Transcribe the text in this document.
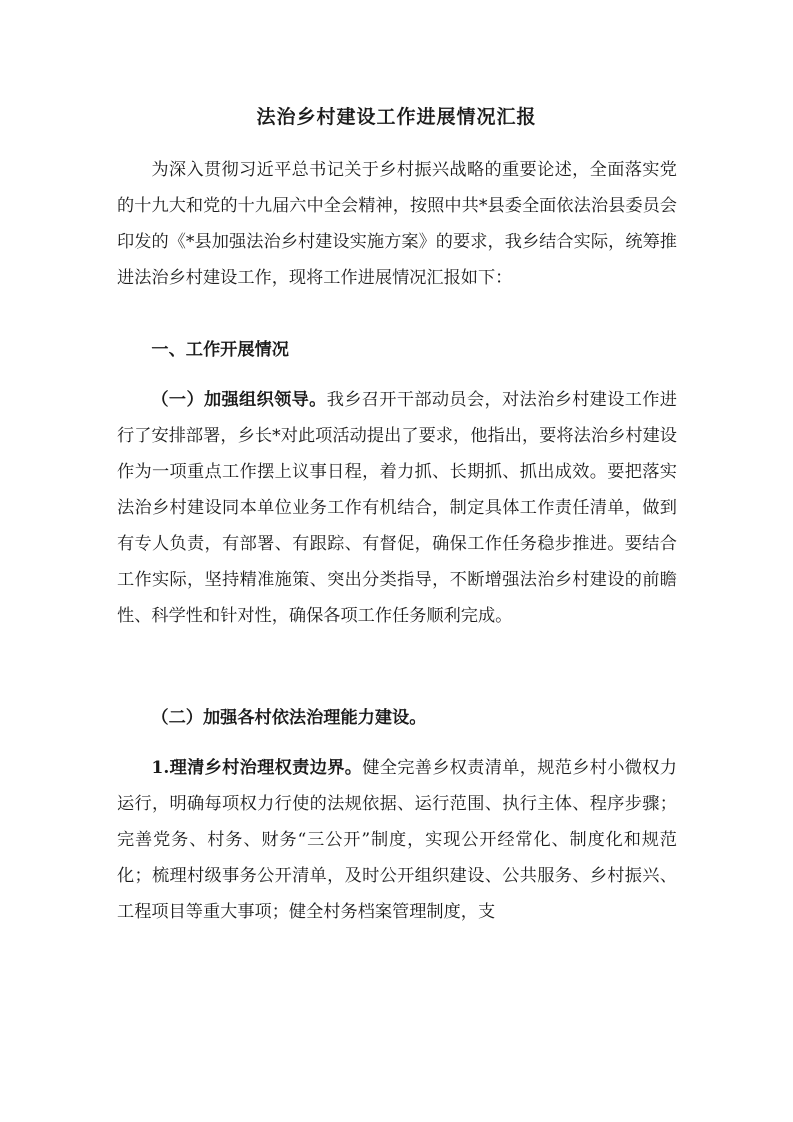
法治乡村建设工作进展情况汇报

为深入贯彻习近平总书记关于乡村振兴战略的重要论述，全面落实党的十九大和党的十九届六中全会精神，按照中共*县委全面依法治县委员会印发的《*县加强法治乡村建设实施方案》的要求，我乡结合实际，统筹推进法治乡村建设工作，现将工作进展情况汇报如下：

一、工作开展情况

（一）加强组织领导。我乡召开干部动员会，对法治乡村建设工作进行了安排部署，乡长*对此项活动提出了要求，他指出，要将法治乡村建设作为一项重点工作摆上议事日程，着力抓、长期抓、抓出成效。要把落实法治乡村建设同本单位业务工作有机结合，制定具体工作责任清单，做到有专人负责，有部署、有跟踪、有督促，确保工作任务稳步推进。要结合工作实际，坚持精准施策、突出分类指导，不断增强法治乡村建设的前瞻性、科学性和针对性，确保各项工作任务顺利完成。

（二）加强各村依法治理能力建设。

1.理清乡村治理权责边界。健全完善乡权责清单，规范乡村小微权力运行，明确每项权力行使的法规依据、运行范围、执行主体、程序步骤；完善党务、村务、财务“三公开”制度，实现公开经常化、制度化和规范化；梳理村级事务公开清单，及时公开组织建设、公共服务、乡村振兴、工程项目等重大事项；健全村务档案管理制度，支
